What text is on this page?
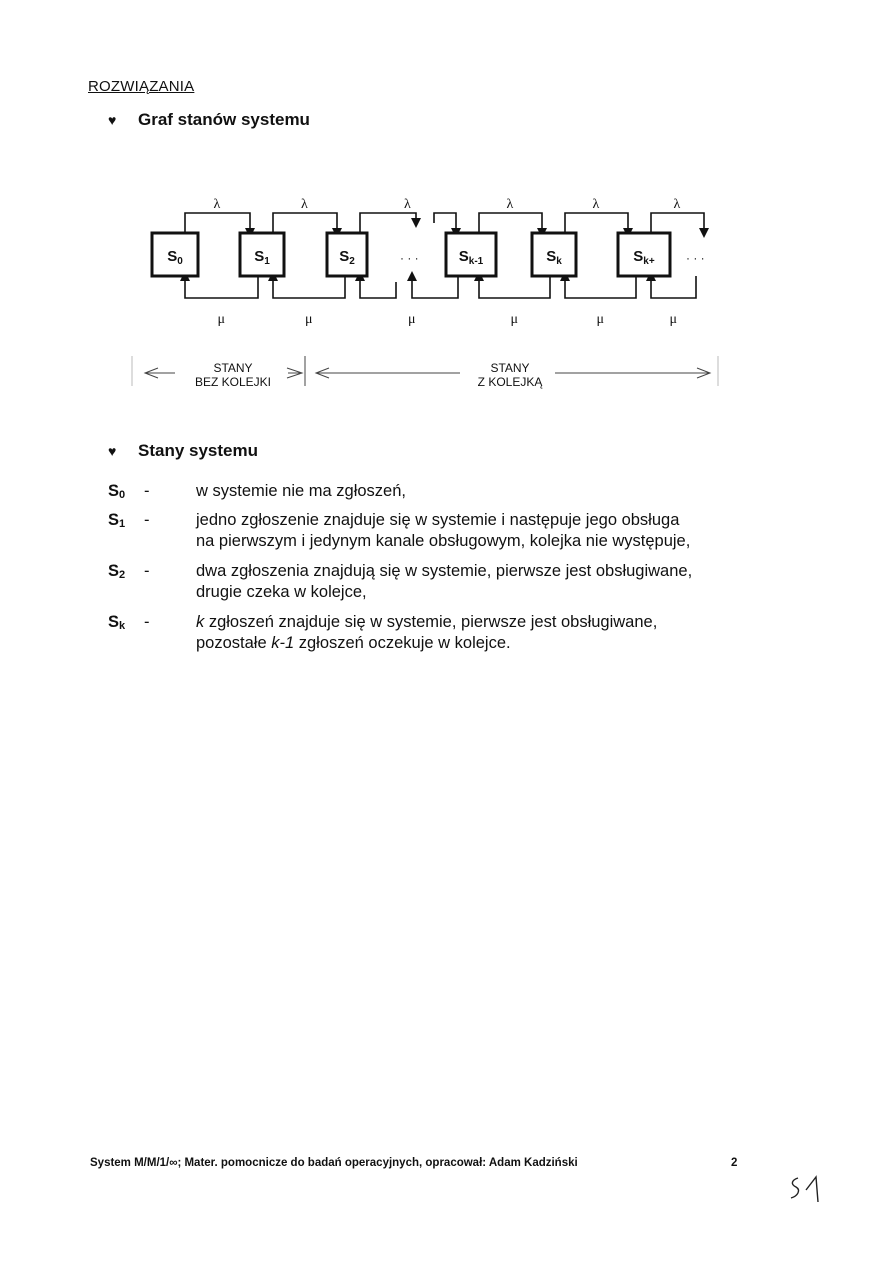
ROZWIĄZANIA
♥ Graf stanów systemu
$S_0$	$S_1$	$S_2$	$S_{k-1}$	$S_k$	$S_{k+}$
λ
μ
λ
μ
λ
μ
λ
μ
λ
μ
λ
μ
· · ·	· · ·
STANY
BEZ KOLEJKI
STANY
Z KOLEJKĄ
♥ Stany systemu
$S_0$ -	w systemie nie ma zgłoszeń,
$S_1$ -	jedno zgłoszenie znajduje się w systemie i następuje jego obsługa
na pierwszym i jedynym kanale obsługowym, kolejka nie występuje,
$S_2$ -	dwa zgłoszenia znajdują się w systemie, pierwsze jest obsługiwane,
drugie czeka w kolejce,
$S_k$ -	k zgłoszeń znajduje się w systemie, pierwsze jest obsługiwane,
pozostałe k-1 zgłoszeń oczekuje w kolejce.
System M/M/1/∞; Mater. pomocnicze do badań operacyjnych, opracował: Adam Kadziński	2
